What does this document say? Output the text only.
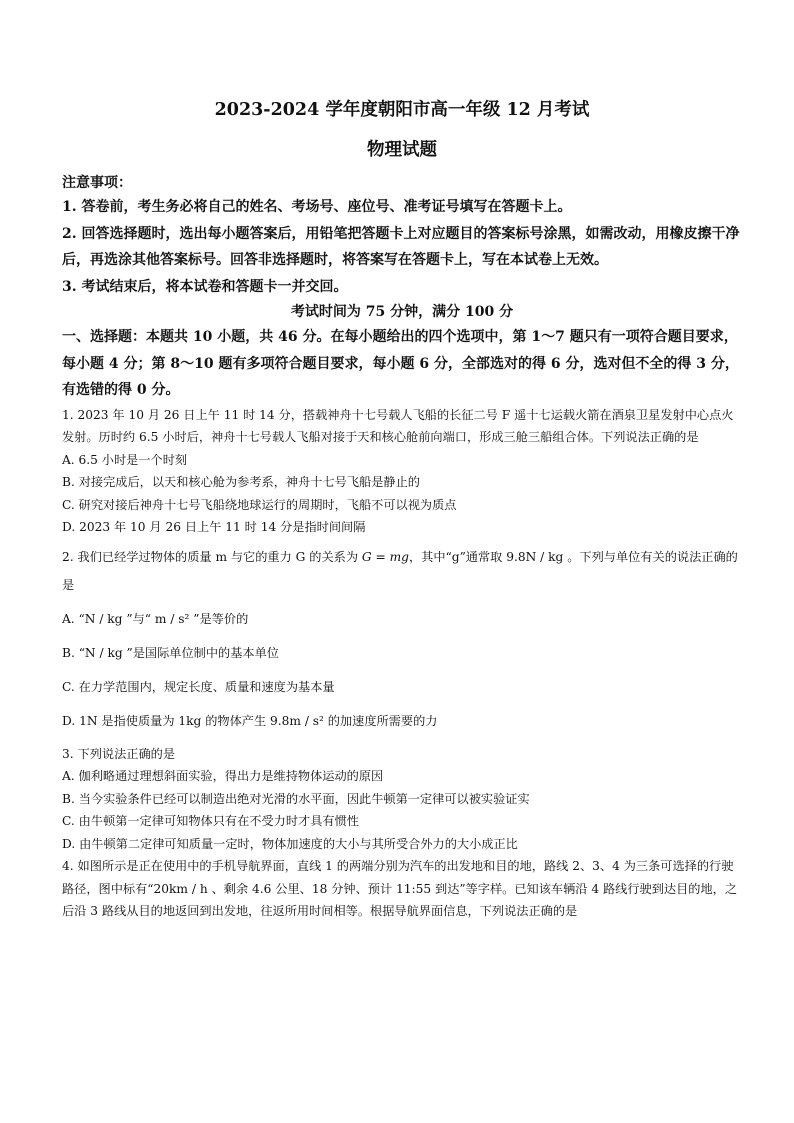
2023-2024 学年度朝阳市高一年级 12 月考试
物理试题
注意事项：

1. 答卷前，考生务必将自己的姓名、考场号、座位号、准考证号填写在答题卡上。

2. 回答选择题时，选出每小题答案后，用铅笔把答题卡上对应题目的答案标号涂黑，如需改动，用橡皮擦干净后，再选涂其他答案标号。回答非选择题时，将答案写在答题卡上，写在本试卷上无效。

3. 考试结束后，将本试卷和答题卡一并交回。

考试时间为 75 分钟，满分 100 分

一、选择题：本题共 10 小题，共 46 分。在每小题给出的四个选项中，第 1～7 题只有一项符合题目要求，每小题 4 分；第 8～10 题有多项符合题目要求，每小题 6 分，全部选对的得 6 分，选对但不全的得 3 分，有选错的得 0 分。

1. 2023 年 10 月 26 日上午 11 时 14 分，搭载神舟十七号载人飞船的长征二号 F 遥十七运载火箭在酒泉卫星发射中心点火发射。历时约 6.5 小时后，神舟十七号载人飞船对接于天和核心舱前向端口，形成三舱三船组合体。下列说法正确的是

A. 6.5 小时是一个时刻

B. 对接完成后，以天和核心舱为参考系，神舟十七号飞船是静止的

C. 研究对接后神舟十七号飞船绕地球运行的周期时，飞船不可以视为质点

D. 2023 年 10 月 26 日上午 11 时 14 分是指时间间隔

2. 我们已经学过物体的质量 m 与它的重力 G 的关系为 G = mg，其中“g”通常取 9.8N / kg 。下列与单位有关的说法正确的是

A. “N / kg ”与“ m / s² ”是等价的

B. “N / kg ”是国际单位制中的基本单位

C. 在力学范围内，规定长度、质量和速度为基本量

D. 1N 是指使质量为 1kg 的物体产生 9.8m / s² 的加速度所需要的力

3. 下列说法正确的是

A. 伽利略通过理想斜面实验，得出力是维持物体运动的原因

B. 当今实验条件已经可以制造出绝对光滑的水平面，因此牛顿第一定律可以被实验证实

C. 由牛顿第一定律可知物体只有在不受力时才具有惯性

D. 由牛顿第二定律可知质量一定时，物体加速度的大小与其所受合外力的大小成正比

4. 如图所示是正在使用中的手机导航界面，直线 1 的两端分别为汽车的出发地和目的地，路线 2、3、4 为三条可选择的行驶路径，图中标有“20km / h 、剩余 4.6 公里、18 分钟、预计 11:55 到达”等字样。已知该车辆沿 4 路线行驶到达目的地，之后沿 3 路线从目的地返回到出发地，往返所用时间相等。根据导航界面信息，下列说法正确的是
